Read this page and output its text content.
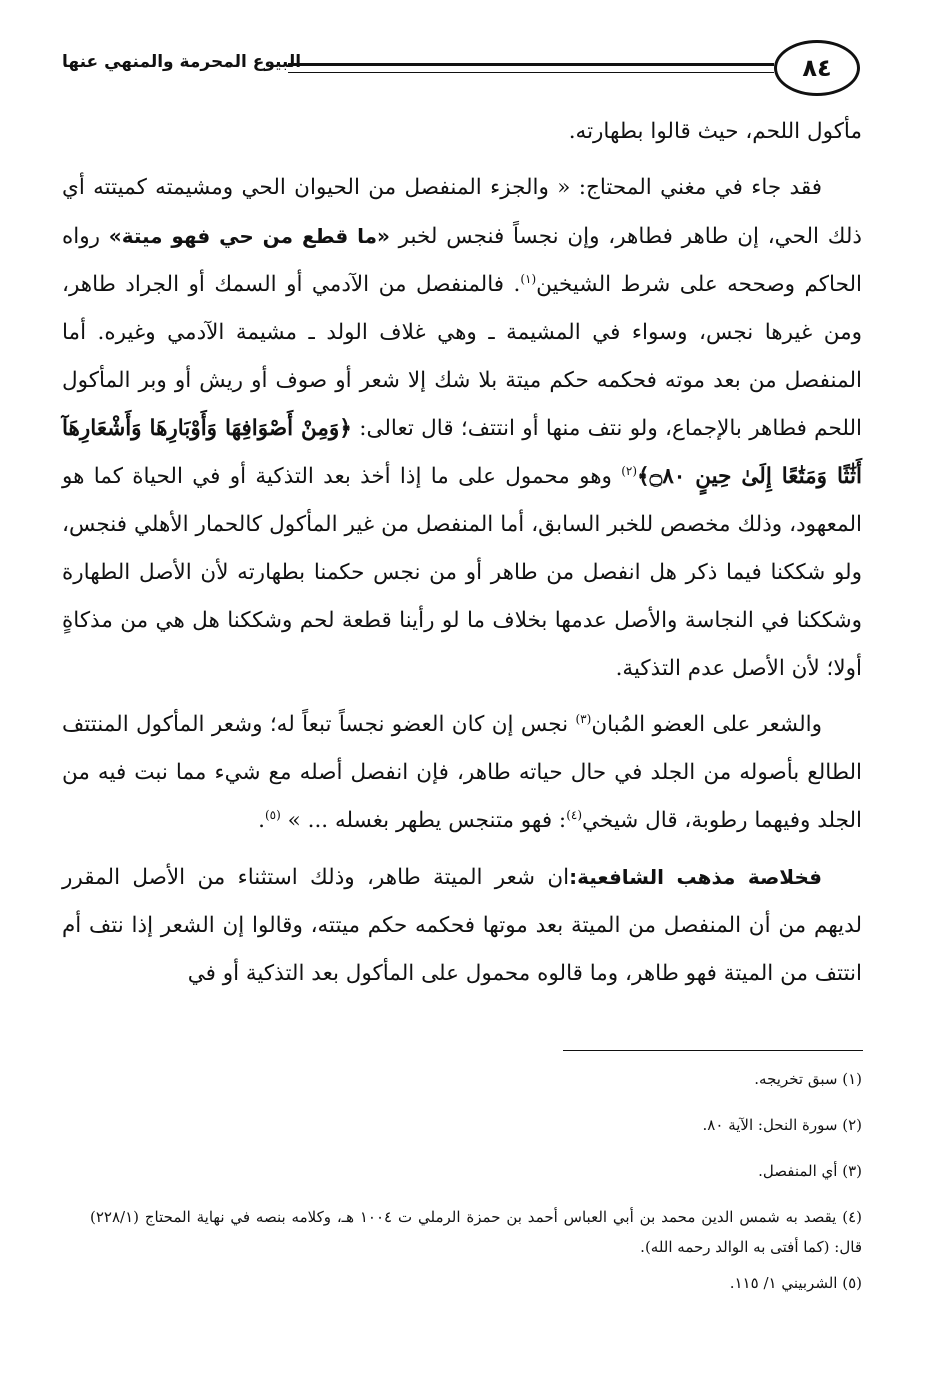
البيوع المحرمة والمنهي عنها	٨٤

مأكول اللحم، حيث قالوا بطهارته.

فقد جاء في مغني المحتاج: « والجزء المنفصل من الحيوان الحي ومشيمته كميتته أي ذلك الحي، إن طاهر فطاهر، وإن نجساً فنجس لخبر «ما قطع من حي فهو ميتة» رواه الحاكم وصححه على شرط الشيخين$^{(١)}$. فالمنفصل من الآدمي أو السمك أو الجراد طاهر، ومن غيرها نجس، وسواء في المشيمة ـ وهي غلاف الولد ـ مشيمة الآدمي وغيره. أما المنفصل من بعد موته فحكمه حكم ميتة بلا شك إلا شعر أو صوف أو ريش أو وبر المأكول اللحم فطاهر بالإجماع، ولو نتف منها أو انتتف؛ قال تعالى: ﴿وَمِنْ أَصْوَافِهَا وَأَوْبَارِهَا وَأَشْعَارِهَآ أَثَٰثًا وَمَتَٰعًا إِلَىٰ حِينٍ ۝٨٠﴾$^{(٢)}$ وهو محمول على ما إذا أخذ بعد التذكية أو في الحياة كما هو المعهود، وذلك مخصص للخبر السابق، أما المنفصل من غير المأكول كالحمار الأهلي فنجس، ولو شككنا فيما ذكر هل انفصل من طاهر أو من نجس حكمنا بطهارته لأن الأصل الطهارة وشككنا في النجاسة والأصل عدمها بخلاف ما لو رأينا قطعة لحم وشككنا هل هي من مذكاةٍ أولا؛ لأن الأصل عدم التذكية.

والشعر على العضو المُبان$^{(٣)}$ نجس إن كان العضو نجساً تبعاً له؛ وشعر المأكول المنتتف الطالع بأصوله من الجلد في حال حياته طاهر، فإن انفصل أصله مع شيء مما نبت فيه من الجلد وفيهما رطوبة، قال شيخي$^{(٤)}$: فهو متنجس يطهر بغسله ... » $^{(٥)}$.

فخلاصة مذهب الشافعية:ان شعر الميتة طاهر، وذلك استثناء من الأصل المقرر لديهم من أن المنفصل من الميتة بعد موتها فحكمه حكم ميتته، وقالوا إن الشعر إذا نتف أم انتتف من الميتة فهو طاهر، وما قالوه محمول على المأكول بعد التذكية أو في

(١) سبق تخريجه.
(٢) سورة النحل: الآية ٨٠.
(٣) أي المنفصل.
(٤) يقصد به شمس الدين محمد بن أبي العباس أحمد بن حمزة الرملي ت ١٠٠٤ هـ، وكلامه بنصه في نهاية المحتاج (٢٢٨/١) قال: (كما أفتى به الوالد رحمه الله).
(٥) الشربيني ١/ ١١٥.
